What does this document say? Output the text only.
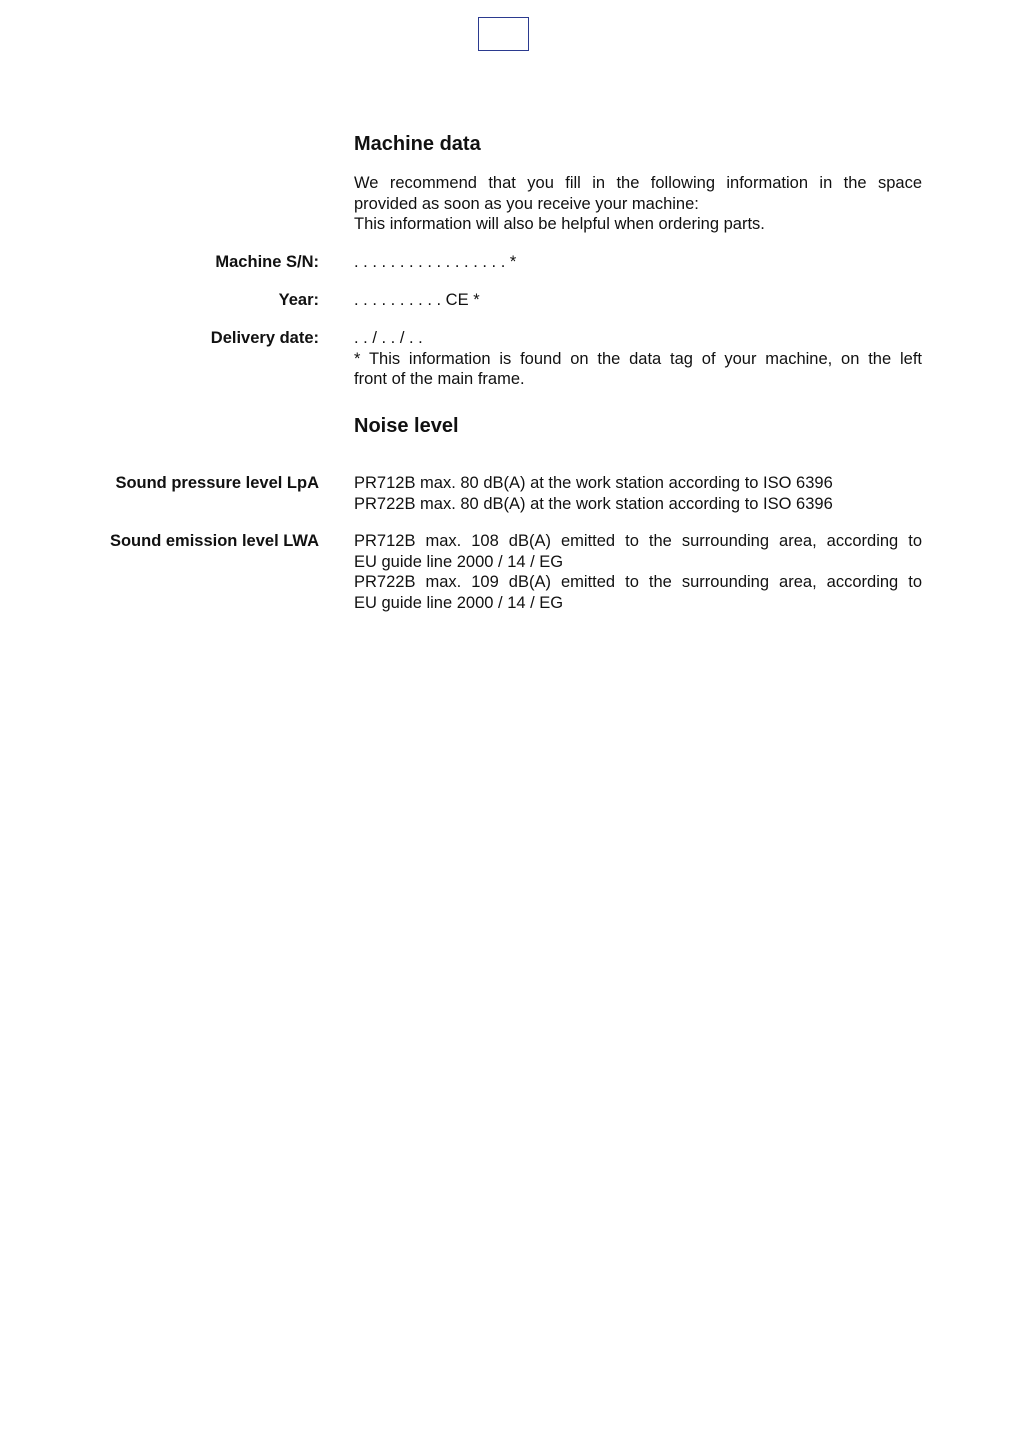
Machine data
We recommend that you fill in the following information in the space
provided as soon as you receive your machine:
This information will also be helpful when ordering parts.
Machine S/N: . . . . . . . . . . . . . . . . . *
Year: . . . . . . . . . . CE *
Delivery date: . . / . . / . .
* This information is found on the data tag of your machine, on the left
front of the main frame.
Noise level
Sound pressure level LpA PR712B max. 80 dB(A) at the work station according to ISO 6396
PR722B max. 80 dB(A) at the work station according to ISO 6396
Sound emission level LWA PR712B max. 108 dB(A) emitted to the surrounding area, according to
EU guide line 2000 / 14 / EG
PR722B max. 109 dB(A) emitted to the surrounding area, according to
EU guide line 2000 / 14 / EG
